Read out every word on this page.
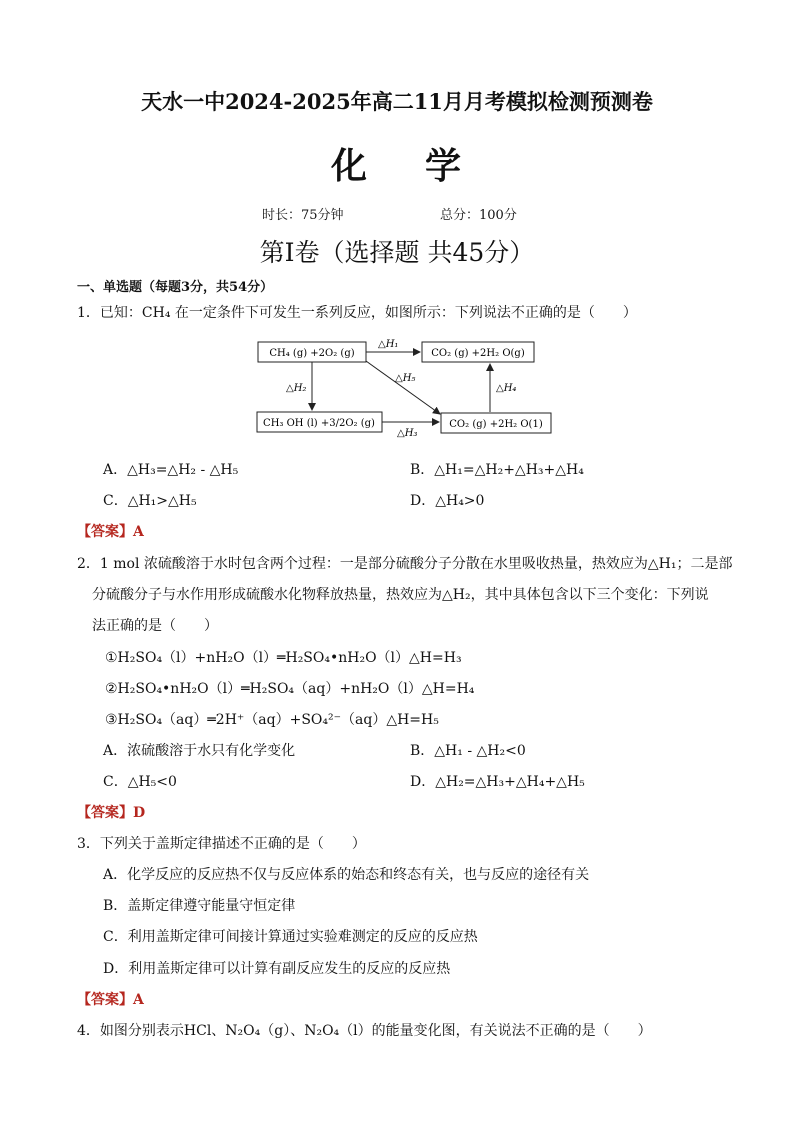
天水一中2024-2025年高二11月月考模拟检测预测卷
化 学
时长：75分钟	总分：100分
第Ⅰ卷（选择题 共45分）
一、单选题（每题3分，共54分）
1．已知：CH₄ 在一定条件下可发生一系列反应，如图所示：下列说法不正确的是（　　）
CH₄ (g) +2O₂ (g)	CO₂ (g) +2H₂ O(g)
CH₃ OH (l) +3/2O₂ (g)	CO₂ (g) +2H₂ O(1)
△H₁
△H₂
△H₃
△H₄
△H₅
A．△H₃=△H₂ - △H₅	B．△H₁=△H₂+△H₃+△H₄
C．△H₁>△H₅	D．△H₄>0
【答案】A
2．1 mol 浓硫酸溶于水时包含两个过程：一是部分硫酸分子分散在水里吸收热量，热效应为△H₁；二是部
分硫酸分子与水作用形成硫酸水化物释放热量，热效应为△H₂，其中具体包含以下三个变化：下列说
法正确的是（　　）
①H₂SO₄（l）+nH₂O（l）═H₂SO₄•nH₂O（l）△H=H₃
②H₂SO₄•nH₂O（l）═H₂SO₄（aq）+nH₂O（l）△H=H₄
③H₂SO₄（aq）═2H⁺（aq）+SO₄²⁻（aq）△H=H₅
A．浓硫酸溶于水只有化学变化	B．△H₁ - △H₂<0
C．△H₅<0	D．△H₂=△H₃+△H₄+△H₅
【答案】D
3．下列关于盖斯定律描述不正确的是（　　）
A．化学反应的反应热不仅与反应体系的始态和终态有关，也与反应的途径有关
B．盖斯定律遵守能量守恒定律
C．利用盖斯定律可间接计算通过实验难测定的反应的反应热
D．利用盖斯定律可以计算有副反应发生的反应的反应热
【答案】A
4．如图分别表示HCl、N₂O₄（g）、N₂O₄（l）的能量变化图，有关说法不正确的是（　　）
